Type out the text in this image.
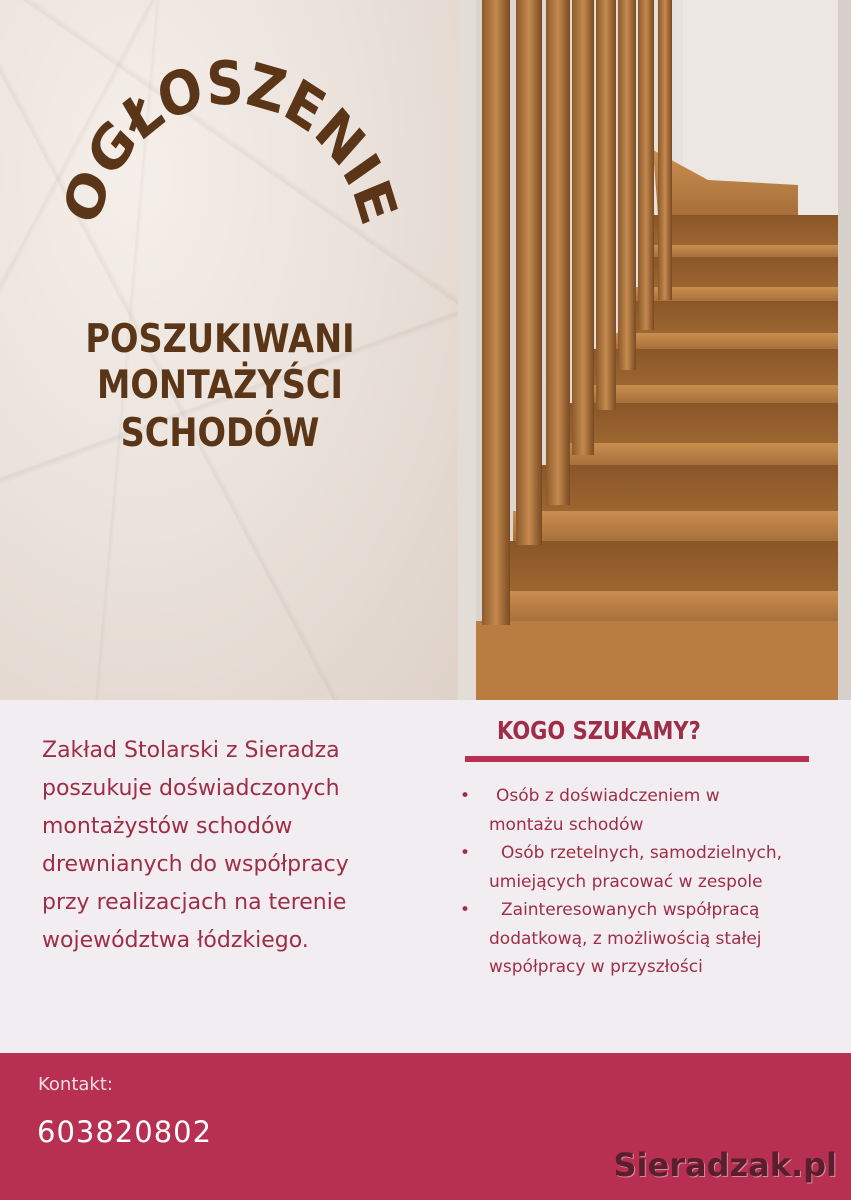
OGŁOSZENIE
POSZUKIWANI
MONTAŻYŚCI
SCHODÓW
Zakład Stolarski z Sieradza
poszukuje doświadczonych
montażystów schodów
drewnianych do współpracy
przy realizacjach na terenie
województwa łódzkiego.
KOGO SZUKAMY?
•	Osób z doświadczeniem w
montażu schodów
•	Osób rzetelnych, samodzielnych,
umiejących pracować w zespole
•	Zainteresowanych współpracą
dodatkową, z możliwością stałej
współpracy w przyszłości
Kontakt:
603820802
Sieradzak.pl
